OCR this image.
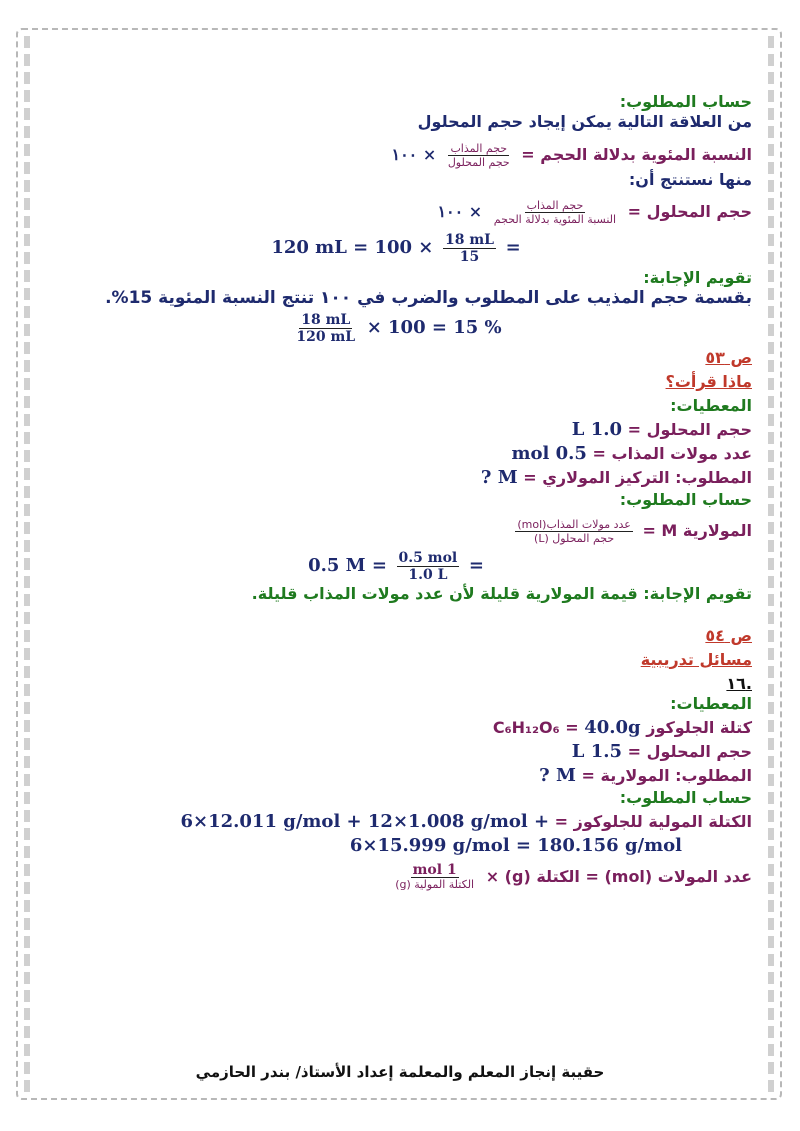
حساب المطلوب:

من العلاقة التالية يمكن إيجاد حجم المحلول

النسبة المئوية بدلالة الحجم =
$\frac{\text{حجم المذاب}}{\text{حجم المحلول}}$
× ١٠٠

منها نستنتج أن:

حجم المحلول =
$\frac{\text{حجم المذاب}}{\text{النسبة المئوية بدلالة الحجم}}$
× ١٠٠

120 mL = $100 \times \frac{18 mL}{15}$ =

تقويم الإجابة:

بقسمة حجم المذيب على المطلوب والضرب في ١٠٠ تنتج النسبة المئوية 15%.

$\frac{18 mL}{120 mL} \times 100 = 15$ %

ص ٥٣

ماذا قرأت؟

المعطيات:

حجم المحلول = 1.0 L

عدد مولات المذاب = 0.5 mol

المطلوب: التركيز المولاري = M ?

حساب المطلوب:

المولارية M =
$\frac{\text{عدد مولات المذاب(mol)}}{\text{حجم المحلول (L)}}$

0.5 $M = \frac{\text{0.5 mol}}{1.0 L}$ =

تقويم الإجابة: قيمة المولارية قليلة لأن عدد مولات المذاب قليلة.

ص ٥٤

مسائل تدريبية

.١٦

المعطيات:

كتلة الجلوكوز C₆H₁₂O₆ = 40.0g

حجم المحلول = 1.5 L

المطلوب: المولارية = M ?

حساب المطلوب:

الكتلة المولية للجلوكوز = 6×12.011 g/mol + 12×1.008 g/mol +

6×15.999 g/mol = 180.156 g/mol

عدد المولات (mol) = الكتلة (g) ×
$\frac{\text{1 mol}}{\text{الكتلة المولية (g)}}$

حقيبة إنجاز المعلم والمعلمة إعداد الأستاذ/ بندر الحازمي
